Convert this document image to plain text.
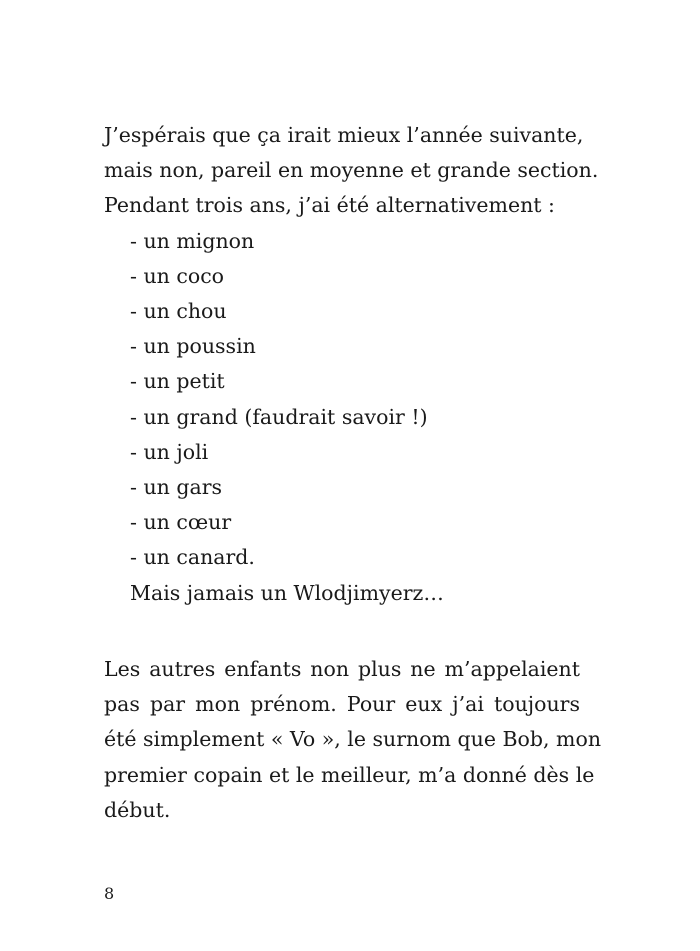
J’espérais que ça irait mieux l’année suivante,
mais non, pareil en moyenne et grande section.
Pendant trois ans, j’ai été alternativement :
- un mignon
- un coco
- un chou
- un poussin
- un petit
- un grand (faudrait savoir !)
- un joli
- un gars
- un cœur
- un canard.
Mais jamais un Wlodjimyerz…
Les autres enfants non plus ne m’appelaient
pas par mon prénom. Pour eux j’ai toujours
été simplement « Vo », le surnom que Bob, mon
premier copain et le meilleur, m’a donné dès le
début.
8
